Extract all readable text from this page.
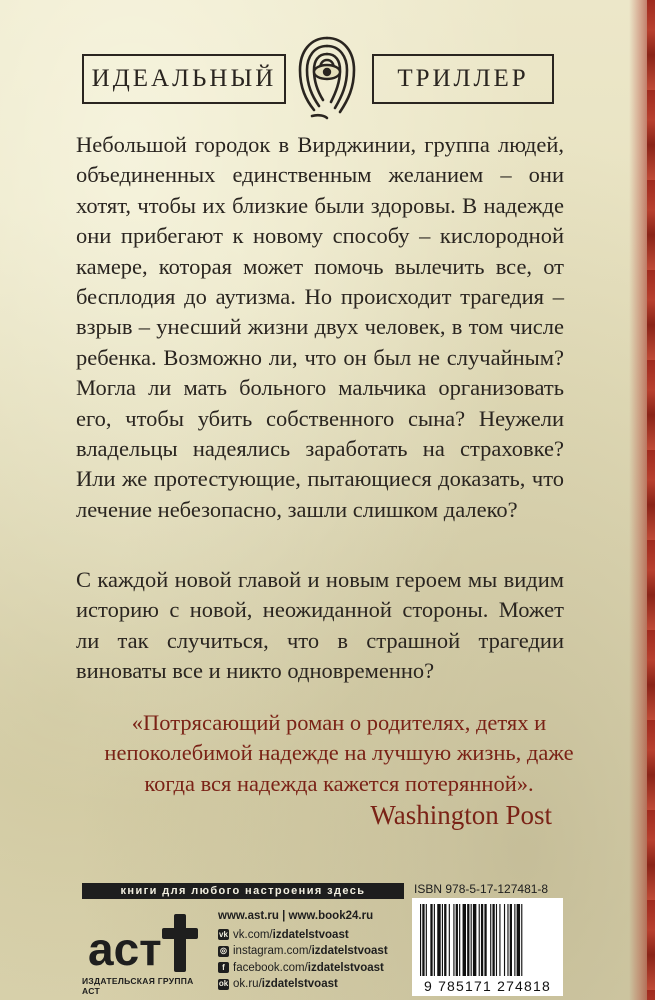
ИДЕАЛЬНЫЙ	ТРИЛЛЕР
Небольшой городок в Вирджинии, группа людей, объединенных единственным желанием – они хотят, чтобы их близкие были здоровы. В надежде они прибегают к новому способу – кислородной камере, которая может помочь вылечить все, от бесплодия до аутизма. Но происходит трагедия – взрыв – унесший жизни двух человек, в том числе ребенка. Возможно ли, что он был не случайным? Могла ли мать больного мальчика организовать его, чтобы убить собственного сына? Неужели владельцы надеялись заработать на страховке? Или же протестующие, пытающиеся доказать, что лечение небезопасно, зашли слишком далеко?
С каждой новой главой и новым героем мы видим историю с новой, неожиданной стороны. Может ли так случиться, что в страшной трагедии виноваты все и никто одновременно?
«Потрясающий роман о родителях, детях и непоколебимой надежде на лучшую жизнь, даже когда вся надежда кажется потерянной».
Washington Post
книги для любого настроения здесь	ISBN 978-5-17-127481-8
аст
ИЗДАТЕЛЬСКАЯ ГРУППА АСТ
www.ast.ru | www.book24.ru
vk vk.com/ izdatelstvoast
◎ instagram.com/ izdatelstvoast
f facebook.com/ izdatelstvoast
ok ok.ru/ izdatelstvoast	9 785171 274818
